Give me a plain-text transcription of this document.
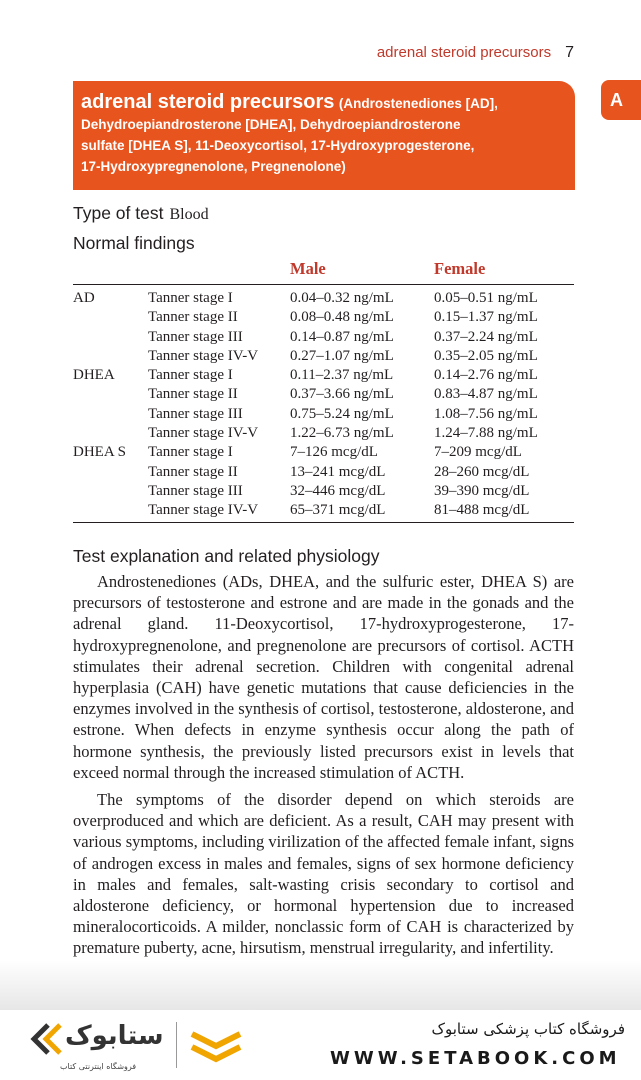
adrenal steroid precursors 7
A
adrenal steroid precursors (Androstenediones [AD],
Dehydroepiandrosterone [DHEA], Dehydroepiandrosterone
sulfate [DHEA S], 11-Deoxycortisol, 17-Hydroxyprogesterone,
17-Hydroxypregnenolone, Pregnenolone)
Type of test Blood
Normal findings
Male	Female
AD	Tanner stage I	0.04–0.32 ng/mL	0.05–0.51 ng/mL
	Tanner stage II	0.08–0.48 ng/mL	0.15–1.37 ng/mL
	Tanner stage III	0.14–0.87 ng/mL	0.37–2.24 ng/mL
	Tanner stage IV-V	0.27–1.07 ng/mL	0.35–2.05 ng/mL
DHEA	Tanner stage I	0.11–2.37 ng/mL	0.14–2.76 ng/mL
	Tanner stage II	0.37–3.66 ng/mL	0.83–4.87 ng/mL
	Tanner stage III	0.75–5.24 ng/mL	1.08–7.56 ng/mL
	Tanner stage IV-V	1.22–6.73 ng/mL	1.24–7.88 ng/mL
DHEA S	Tanner stage I	7–126 mcg/dL	7–209 mcg/dL
	Tanner stage II	13–241 mcg/dL	28–260 mcg/dL
	Tanner stage III	32–446 mcg/dL	39–390 mcg/dL
	Tanner stage IV-V	65–371 mcg/dL	81–488 mcg/dL
Test explanation and related physiology

Androstenediones (ADs, DHEA, and the sulfuric ester, DHEA S) are precursors of testosterone and estrone and are made in the gonads and the adrenal gland. 11-Deoxycortisol, 17-hydroxyprogesterone, 17-hydroxypregnenolone, and pregnenolone are precursors of cortisol. ACTH stimulates their adrenal secretion. Children with congenital adrenal hyperplasia (CAH) have genetic mutations that cause deficiencies in the enzymes involved in the synthesis of cortisol, testosterone, aldosterone, and estrone. When defects in enzyme synthesis occur along the path of hormone synthesis, the previously listed precursors exist in levels that exceed normal through the increased stimulation of ACTH.

The symptoms of the disorder depend on which steroids are overproduced and which are deficient. As a result, CAH may present with various symptoms, including virilization of the affected female infant, signs of androgen excess in males and females, signs of sex hormone deficiency in males and females, salt-wasting crisis secondary to cortisol and aldosterone deficiency, or hormonal hypertension due to increased mineralocorticoids. A milder, nonclassic form of CAH is characterized by premature puberty, acne, hirsutism, menstrual irregularity, and infertility.

ستابوک
فروشگاه اینترنتی کتاب
فروشگاه کتاب پزشکی ستابوک
WWW.SETABOOK.COM
